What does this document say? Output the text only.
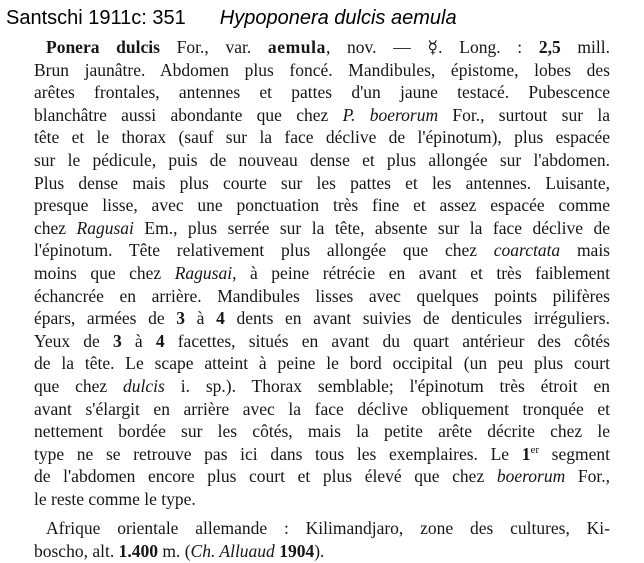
Santschi 1911c: 351 Hypoponera dulcis aemula
Ponera dulcis For., var. aemula, nov. — ☿. Long. : 2,5 mill.
Brun jaunâtre. Abdomen plus foncé. Mandibules, épistome, lobes des
arêtes frontales, antennes et pattes d'un jaune testacé. Pubescence
blanchâtre aussi abondante que chez P. boerorum For., surtout sur la
tête et le thorax (sauf sur la face déclive de l'épinotum), plus espacée
sur le pédicule, puis de nouveau dense et plus allongée sur l'abdomen.
Plus dense mais plus courte sur les pattes et les antennes. Luisante,
presque lisse, avec une ponctuation très fine et assez espacée comme
chez Ragusai Em., plus serrée sur la tête, absente sur la face déclive de
l'épinotum. Tête relativement plus allongée que chez coarctata mais
moins que chez Ragusai, à peine rétrécie en avant et très faiblement
échancrée en arrière. Mandibules lisses avec quelques points pilifères
épars, armées de 3 à 4 dents en avant suivies de denticules irréguliers.
Yeux de 3 à 4 facettes, situés en avant du quart antérieur des côtés
de la tête. Le scape atteint à peine le bord occipital (un peu plus court
que chez dulcis i. sp.). Thorax semblable; l'épinotum très étroit en
avant s'élargit en arrière avec la face déclive obliquement tronquée et
nettement bordée sur les côtés, mais la petite arête décrite chez le
type ne se retrouve pas ici dans tous les exemplaires. Le 1er segment
de l'abdomen encore plus court et plus élevé que chez boerorum For.,
le reste comme le type.
Afrique orientale allemande : Kilimandjaro, zone des cultures, Ki-
boscho, alt. 1.400 m. (Ch. Alluaud 1904).
